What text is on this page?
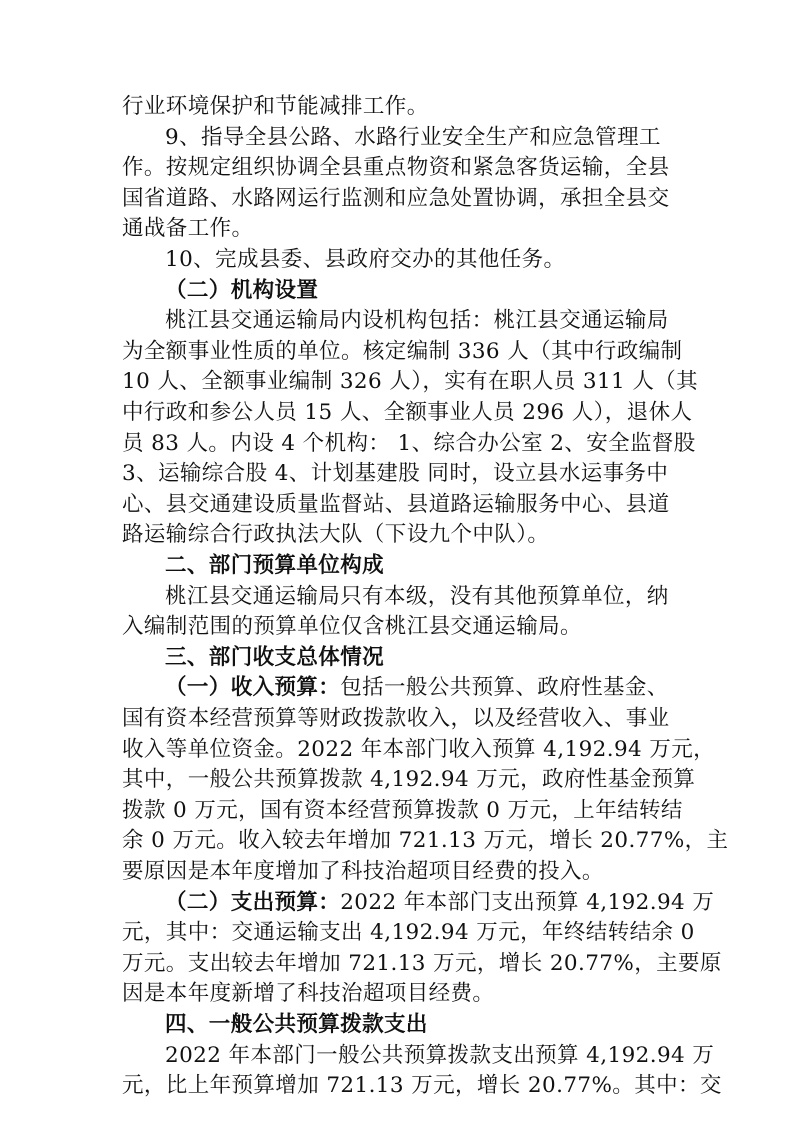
行业环境保护和节能减排工作。
9、指导全县公路、水路行业安全生产和应急管理工
作。按规定组织协调全县重点物资和紧急客货运输，全县
国省道路、水路网运行监测和应急处置协调，承担全县交
通战备工作。
10、完成县委、县政府交办的其他任务。
（二）机构设置
桃江县交通运输局内设机构包括：桃江县交通运输局
为全额事业性质的单位。核定编制 336 人（其中行政编制
10 人、全额事业编制 326 人），实有在职人员 311 人（其
中行政和参公人员 15 人、全额事业人员 296 人），退休人
员 83 人。内设 4 个机构： 1、综合办公室 2、安全监督股
3、运输综合股 4、计划基建股 同时，设立县水运事务中
心、县交通建设质量监督站、县道路运输服务中心、县道
路运输综合行政执法大队（下设九个中队）。
二、部门预算单位构成
桃江县交通运输局只有本级，没有其他预算单位，纳
入编制范围的预算单位仅含桃江县交通运输局。
三、部门收支总体情况
（一）收入预算：包括一般公共预算、政府性基金、
国有资本经营预算等财政拨款收入，以及经营收入、事业
收入等单位资金。2022 年本部门收入预算 4,192.94 万元，
其中，一般公共预算拨款 4,192.94 万元，政府性基金预算
拨款 0 万元，国有资本经营预算拨款 0 万元，上年结转结
余 0 万元。收入较去年增加 721.13 万元，增长 20.77%，主
要原因是本年度增加了科技治超项目经费的投入。
（二）支出预算：2022 年本部门支出预算 4,192.94 万
元，其中：交通运输支出 4,192.94 万元，年终结转结余 0
万元。支出较去年增加 721.13 万元，增长 20.77%，主要原
因是本年度新增了科技治超项目经费。
四、一般公共预算拨款支出
2022 年本部门一般公共预算拨款支出预算 4,192.94 万
元，比上年预算增加 721.13 万元，增长 20.77%。其中：交
